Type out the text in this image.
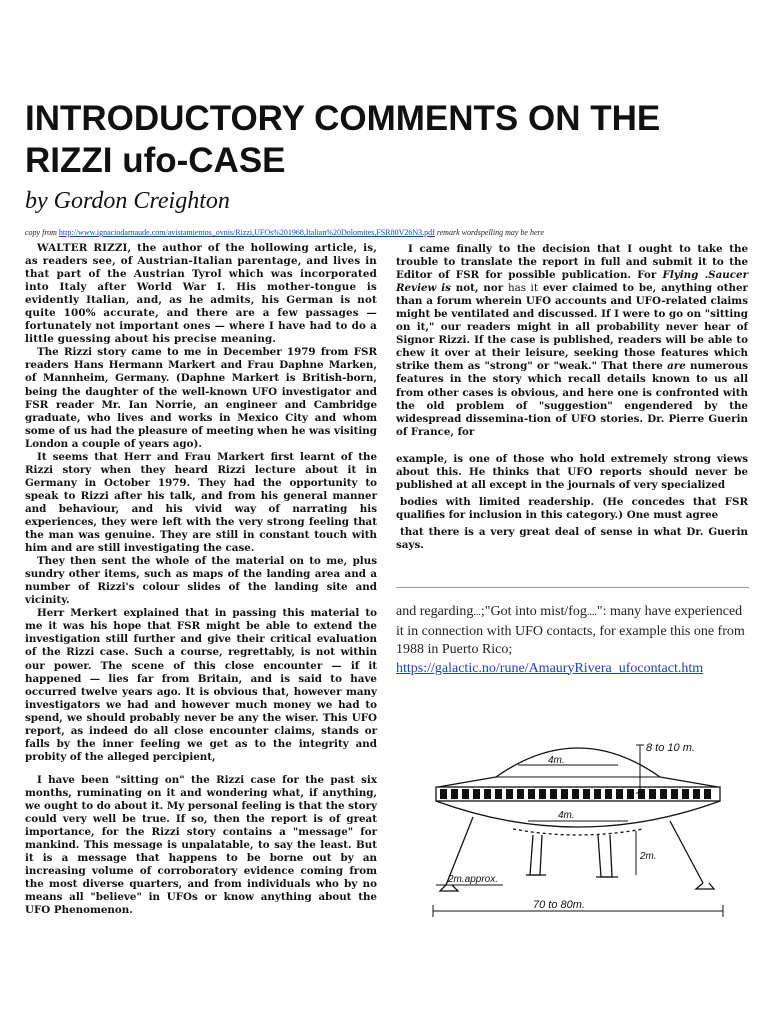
INTRODUCTORY COMMENTS ON THE RIZZI ufo-CASE
by Gordon Creighton
copy from http://www.ignaciodarnaude.com/avistamientos_ovnis/Rizzi,UFOs%201968,Italian%20Dolomites,FSR80V26N3.pdf remark wordspelling may be here

WALTER RIZZI, the author of the hollowing article, is, as readers see, of Austrian-Italian parentage, and lives in that part of the Austrian Tyrol which was incorporated into Italy after World War I. His mother-tongue is evidently Italian, and, as he admits, his German is not quite 100% accurate, and there are a few passages — fortunately not important ones — where I have had to do a little guessing about his precise meaning.

The Rizzi story came to me in December 1979 from FSR readers Hans Hermann Markert and Frau Daphne Marken, of Mannheim, Germany. (Daphne Markert is British-born, being the daughter of the well-known UFO investigator and FSR reader Mr. Ian Norrie, an engineer and Cambridge graduate, who lives and works in Mexico City and whom some of us had the pleasure of meeting when he was visiting London a couple of years ago).

It seems that Herr and Frau Markert first learnt of the Rizzi story when they heard Rizzi lecture about it in Germany in October 1979. They had the opportunity to speak to Rizzi after his talk, and from his general manner and behaviour, and his vivid way of narrating his experiences, they were left with the very strong feeling that the man was genuine. They are still in constant touch with him and are still investigating the case.

They then sent the whole of the material on to me, plus sundry other items, such as maps of the landing area and a number of Rizzi's colour slides of the landing site and vicinity.

Herr Merkert explained that in passing this material to me it was his hope that FSR might be able to extend the investigation still further and give their critical evaluation of the Rizzi case. Such a course, regrettably, is not within our power. The scene of this close encounter — if it happened — lies far from Britain, and is said to have occurred twelve years ago. It is obvious that, however many investigators we had and however much money we had to spend, we should probably never be any the wiser. This UFO report, as indeed do all close encounter claims, stands or falls by the inner feeling we get as to the integrity and probity of the alleged percipient,

I have been "sitting on" the Rizzi case for the past six months, ruminating on it and wondering what, if anything, we ought to do about it. My personal feeling is that the story could very well be true. If so, then the report is of great importance, for the Rizzi story contains a "message" for mankind. This message is unpalatable, to say the least. But it is a message that happens to be borne out by an increasing volume of corroboratory evidence coming from the most diverse quarters, and from individuals who by no means all "believe" in UFOs or know anything about the UFO Phenomenon.

I came finally to the decision that I ought to take the trouble to translate the report in full and submit it to the Editor of FSR for possible publication. For Flying .Saucer Review is not, nor has it ever claimed to be, anything other than a forum wherein UFO accounts and UFO-related claims might be ventilated and discussed. If I were to go on "sitting on it," our readers might in all probability never hear of Signor Rizzi. If the case is published, readers will be able to chew it over at their leisure, seeking those features which strike them as "strong" or "weak." That there are numerous features in the story which recall details known to us all from other cases is obvious, and here one is confronted with the old problem of "suggestion" engendered by the widespread dissemina-tion of UFO stories. Dr. Pierre Guerin of France, for

example, is one of those who hold extremely strong views about this. He thinks that UFO reports should never be published at all except in the journals of very specialized

bodies with limited readership. (He concedes that FSR qualifies for inclusion in this category.) One must agree

that there is a very great deal of sense in what Dr. Guerin says.

and regarding...;"Got into mist/fog....": many have experienced it in connection with UFO contacts, for example this one from 1988 in Puerto Rico;
https://galactic.no/rune/AmauryRivera_ufocontact.htm
8 to 10 m.
4m.
4m.
2m.
2m.approx.
70 to 80m.
